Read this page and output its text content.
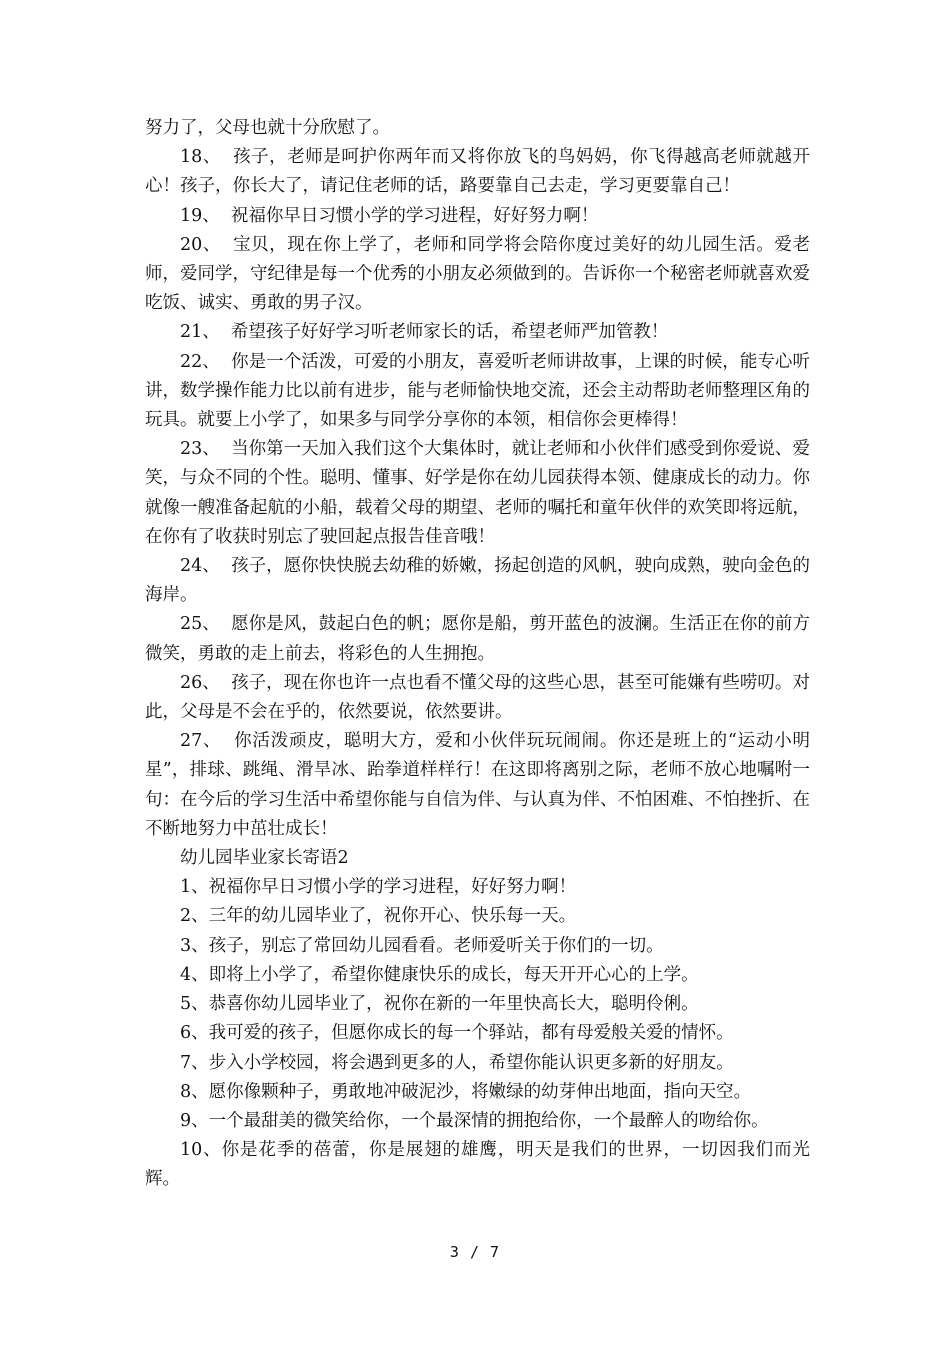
努力了，父母也就十分欣慰了。

18、 孩子，老师是呵护你两年而又将你放飞的鸟妈妈，你飞得越高老师就越开心！孩子，你长大了，请记住老师的话，路要靠自己去走，学习更要靠自己！

19、 祝福你早日习惯小学的学习进程，好好努力啊！

20、 宝贝，现在你上学了，老师和同学将会陪你度过美好的幼儿园生活。爱老师，爱同学，守纪律是每一个优秀的小朋友必须做到的。告诉你一个秘密老师就喜欢爱吃饭、诚实、勇敢的男子汉。

21、 希望孩子好好学习听老师家长的话，希望老师严加管教！

22、 你是一个活泼，可爱的小朋友，喜爱听老师讲故事，上课的时候，能专心听讲，数学操作能力比以前有进步，能与老师愉快地交流，还会主动帮助老师整理区角的玩具。就要上小学了，如果多与同学分享你的本领，相信你会更棒得！

23、 当你第一天加入我们这个大集体时，就让老师和小伙伴们感受到你爱说、爱笑，与众不同的个性。聪明、懂事、好学是你在幼儿园获得本领、健康成长的动力。你就像一艘准备起航的小船，载着父母的期望、老师的嘱托和童年伙伴的欢笑即将远航，在你有了收获时别忘了驶回起点报告佳音哦！

24、 孩子，愿你快快脱去幼稚的娇嫩，扬起创造的风帆，驶向成熟，驶向金色的海岸。

25、 愿你是风，鼓起白色的帆；愿你是船，剪开蓝色的波澜。生活正在你的前方微笑，勇敢的走上前去，将彩色的人生拥抱。

26、 孩子，现在你也许一点也看不懂父母的这些心思，甚至可能嫌有些唠叨。对此，父母是不会在乎的，依然要说，依然要讲。

27、 你活泼顽皮，聪明大方，爱和小伙伴玩玩闹闹。你还是班上的“运动小明星”，排球、跳绳、滑旱冰、跆拳道样样行！在这即将离别之际，老师不放心地嘱咐一句：在今后的学习生活中希望你能与自信为伴、与认真为伴、不怕困难、不怕挫折、在不断地努力中茁壮成长！

幼儿园毕业家长寄语2

1、祝福你早日习惯小学的学习进程，好好努力啊！

2、三年的幼儿园毕业了，祝你开心、快乐每一天。

3、孩子，别忘了常回幼儿园看看。老师爱听关于你们的一切。

4、即将上小学了，希望你健康快乐的成长，每天开开心心的上学。

5、恭喜你幼儿园毕业了，祝你在新的一年里快高长大，聪明伶俐。

6、我可爱的孩子，但愿你成长的每一个驿站，都有母爱般关爱的情怀。

7、步入小学校园，将会遇到更多的人，希望你能认识更多新的好朋友。

8、愿你像颗种子，勇敢地冲破泥沙，将嫩绿的幼芽伸出地面，指向天空。

9、一个最甜美的微笑给你，一个最深情的拥抱给你，一个最醉人的吻给你。

10、你是花季的蓓蕾，你是展翅的雄鹰，明天是我们的世界，一切因我们而光辉。

3 / 7
